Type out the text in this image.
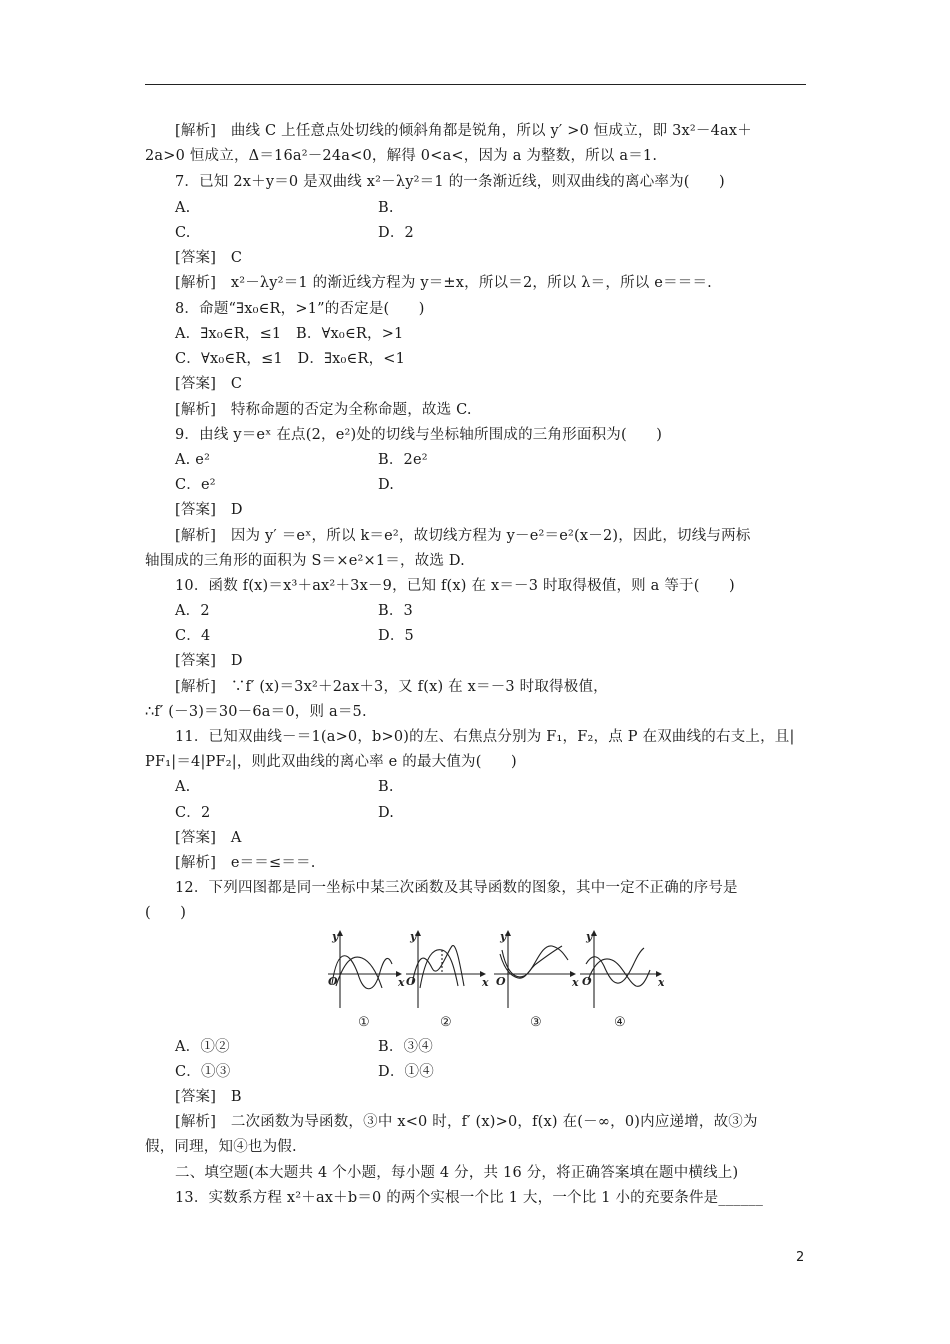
[解析]　曲线 C 上任意点处切线的倾斜角都是锐角，所以 y′ >0 恒成立，即 3x²－4ax＋
2a>0 恒成立，Δ＝16a²－24a<0，解得 0<a<，因为 a 为整数，所以 a＝1.
7．已知 2x＋y＝0 是双曲线 x²－λy²＝1 的一条渐近线，则双曲线的离心率为(　　)
A.	B.
C.	D．2
[答案]　C
[解析]　x²－λy²＝1 的渐近线方程为 y＝±x，所以＝2，所以 λ＝，所以 e＝＝＝.
8．命题“∃x₀∈R，>1”的否定是(　　)
A．∃x₀∈R，≤1　B．∀x₀∈R，>1
C．∀x₀∈R，≤1　D．∃x₀∈R，<1
[答案]　C
[解析]　特称命题的否定为全称命题，故选 C.
9．由线 y＝eˣ 在点(2，e²)处的切线与坐标轴所围成的三角形面积为(　　)
A. e²	B．2e²
C．e²	D.
[答案]　D
[解析]　因为 y′ ＝eˣ，所以 k＝e²，故切线方程为 y－e²＝e²(x－2)，因此，切线与两标
轴围成的三角形的面积为 S＝×e²×1＝，故选 D.
10．函数 f(x)＝x³＋ax²＋3x－9，已知 f(x) 在 x＝－3 时取得极值，则 a 等于(　　)
A．2	B．3
C．4	D．5
[答案]　D
[解析]　∵f′ (x)＝3x²＋2ax＋3，又 f(x) 在 x＝－3 时取得极值，
∴f′ (－3)＝30－6a＝0，则 a＝5.
11．已知双曲线－＝1(a>0，b>0)的左、右焦点分别为 F₁，F₂，点 P 在双曲线的右支上，且|
PF₁|＝4|PF₂|，则此双曲线的离心率 e 的最大值为(　　)
A.	B.
C．2	D.
[答案]　A
[解析]　e＝＝≤＝＝.
12．下列四图都是同一坐标中某三次函数及其导函数的图象，其中一定不正确的序号是
(　　)
y
O	x
①
y
O	x
②
y
O	x
③
y
O	x
④
A．①②	B．③④
C．①③	D．①④
[答案]　B
[解析]　二次函数为导函数，③中 x<0 时，f′ (x)>0，f(x) 在(－∞，0)内应递增，故③为
假，同理，知④也为假.
二、填空题(本大题共 4 个小题，每小题 4 分，共 16 分，将正确答案填在题中横线上)
13．实数系方程 x²＋ax＋b＝0 的两个实根一个比 1 大，一个比 1 小的充要条件是______
2
